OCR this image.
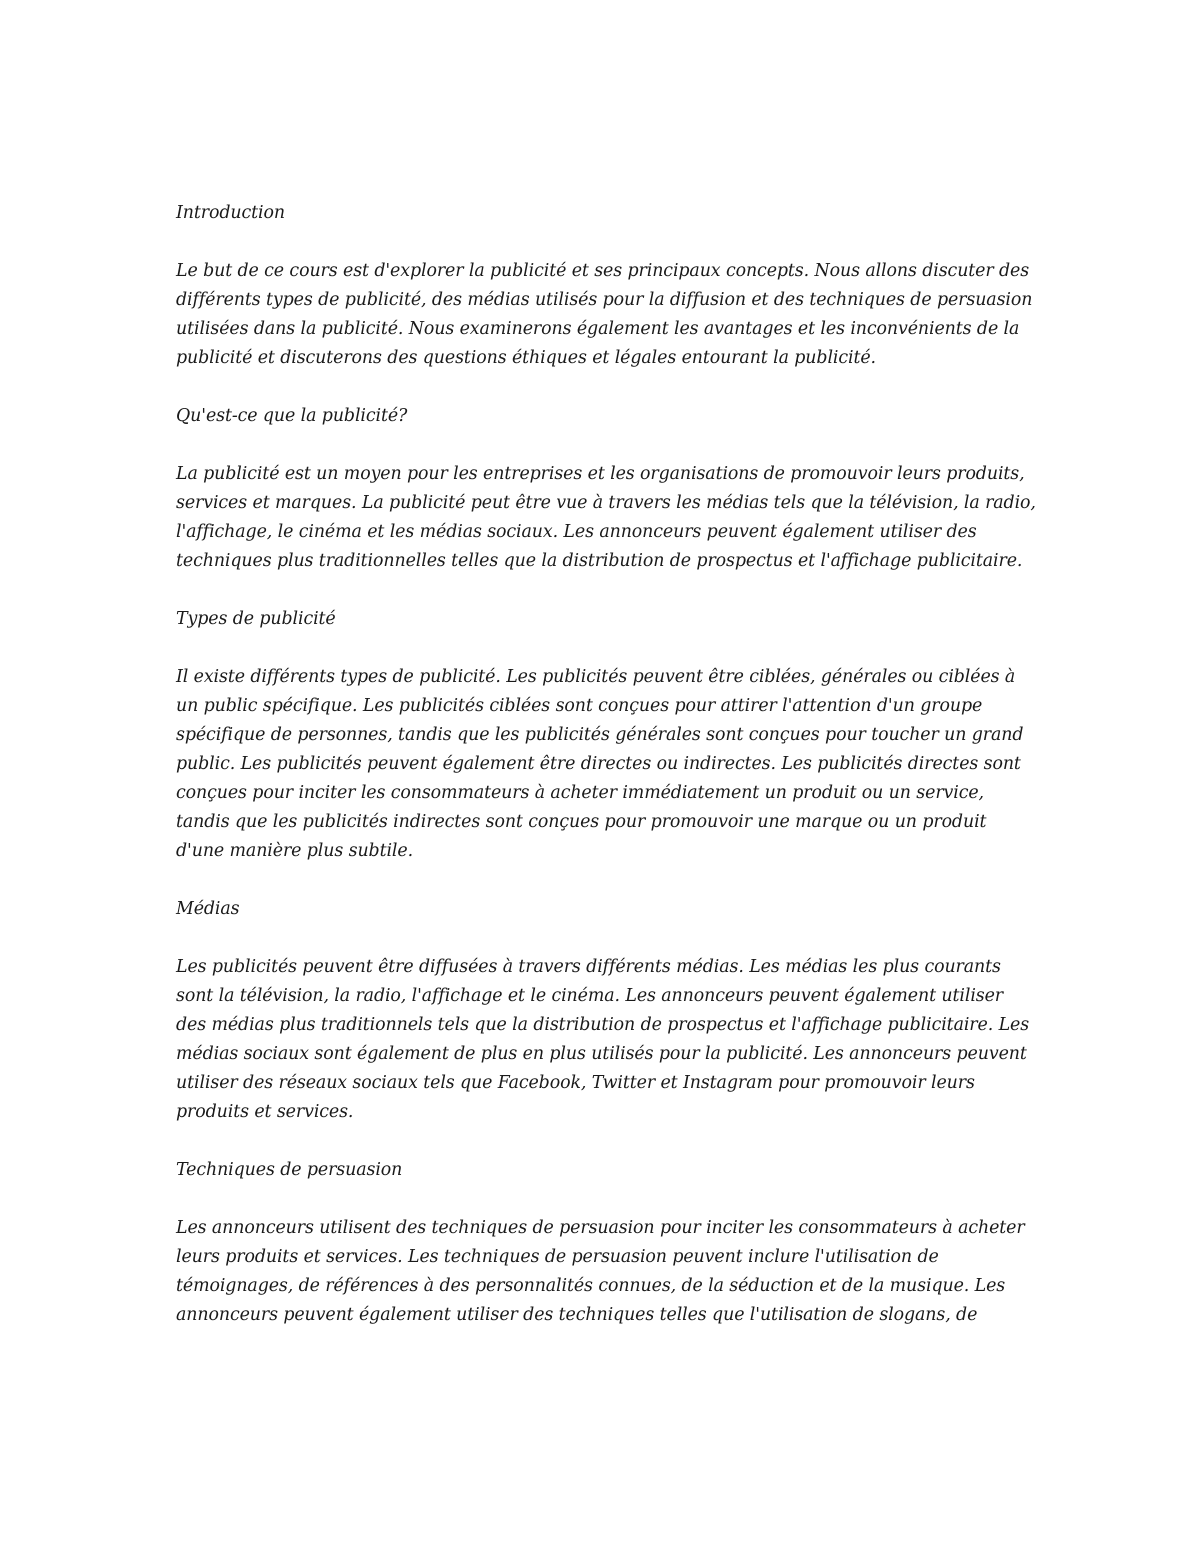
Introduction

Le but de ce cours est d'explorer la publicité et ses principaux concepts. Nous allons discuter des différents types de publicité, des médias utilisés pour la diffusion et des techniques de persuasion utilisées dans la publicité. Nous examinerons également les avantages et les inconvénients de la publicité et discuterons des questions éthiques et légales entourant la publicité.

Qu'est-ce que la publicité?

La publicité est un moyen pour les entreprises et les organisations de promouvoir leurs produits, services et marques. La publicité peut être vue à travers les médias tels que la télévision, la radio, l'affichage, le cinéma et les médias sociaux. Les annonceurs peuvent également utiliser des techniques plus traditionnelles telles que la distribution de prospectus et l'affichage publicitaire.

Types de publicité

Il existe différents types de publicité. Les publicités peuvent être ciblées, générales ou ciblées à un public spécifique. Les publicités ciblées sont conçues pour attirer l'attention d'un groupe spécifique de personnes, tandis que les publicités générales sont conçues pour toucher un grand public. Les publicités peuvent également être directes ou indirectes. Les publicités directes sont conçues pour inciter les consommateurs à acheter immédiatement un produit ou un service, tandis que les publicités indirectes sont conçues pour promouvoir une marque ou un produit d'une manière plus subtile.

Médias

Les publicités peuvent être diffusées à travers différents médias. Les médias les plus courants sont la télévision, la radio, l'affichage et le cinéma. Les annonceurs peuvent également utiliser des médias plus traditionnels tels que la distribution de prospectus et l'affichage publicitaire. Les médias sociaux sont également de plus en plus utilisés pour la publicité. Les annonceurs peuvent utiliser des réseaux sociaux tels que Facebook, Twitter et Instagram pour promouvoir leurs produits et services.

Techniques de persuasion

Les annonceurs utilisent des techniques de persuasion pour inciter les consommateurs à acheter leurs produits et services. Les techniques de persuasion peuvent inclure l'utilisation de témoignages, de références à des personnalités connues, de la séduction et de la musique. Les annonceurs peuvent également utiliser des techniques telles que l'utilisation de slogans, de
